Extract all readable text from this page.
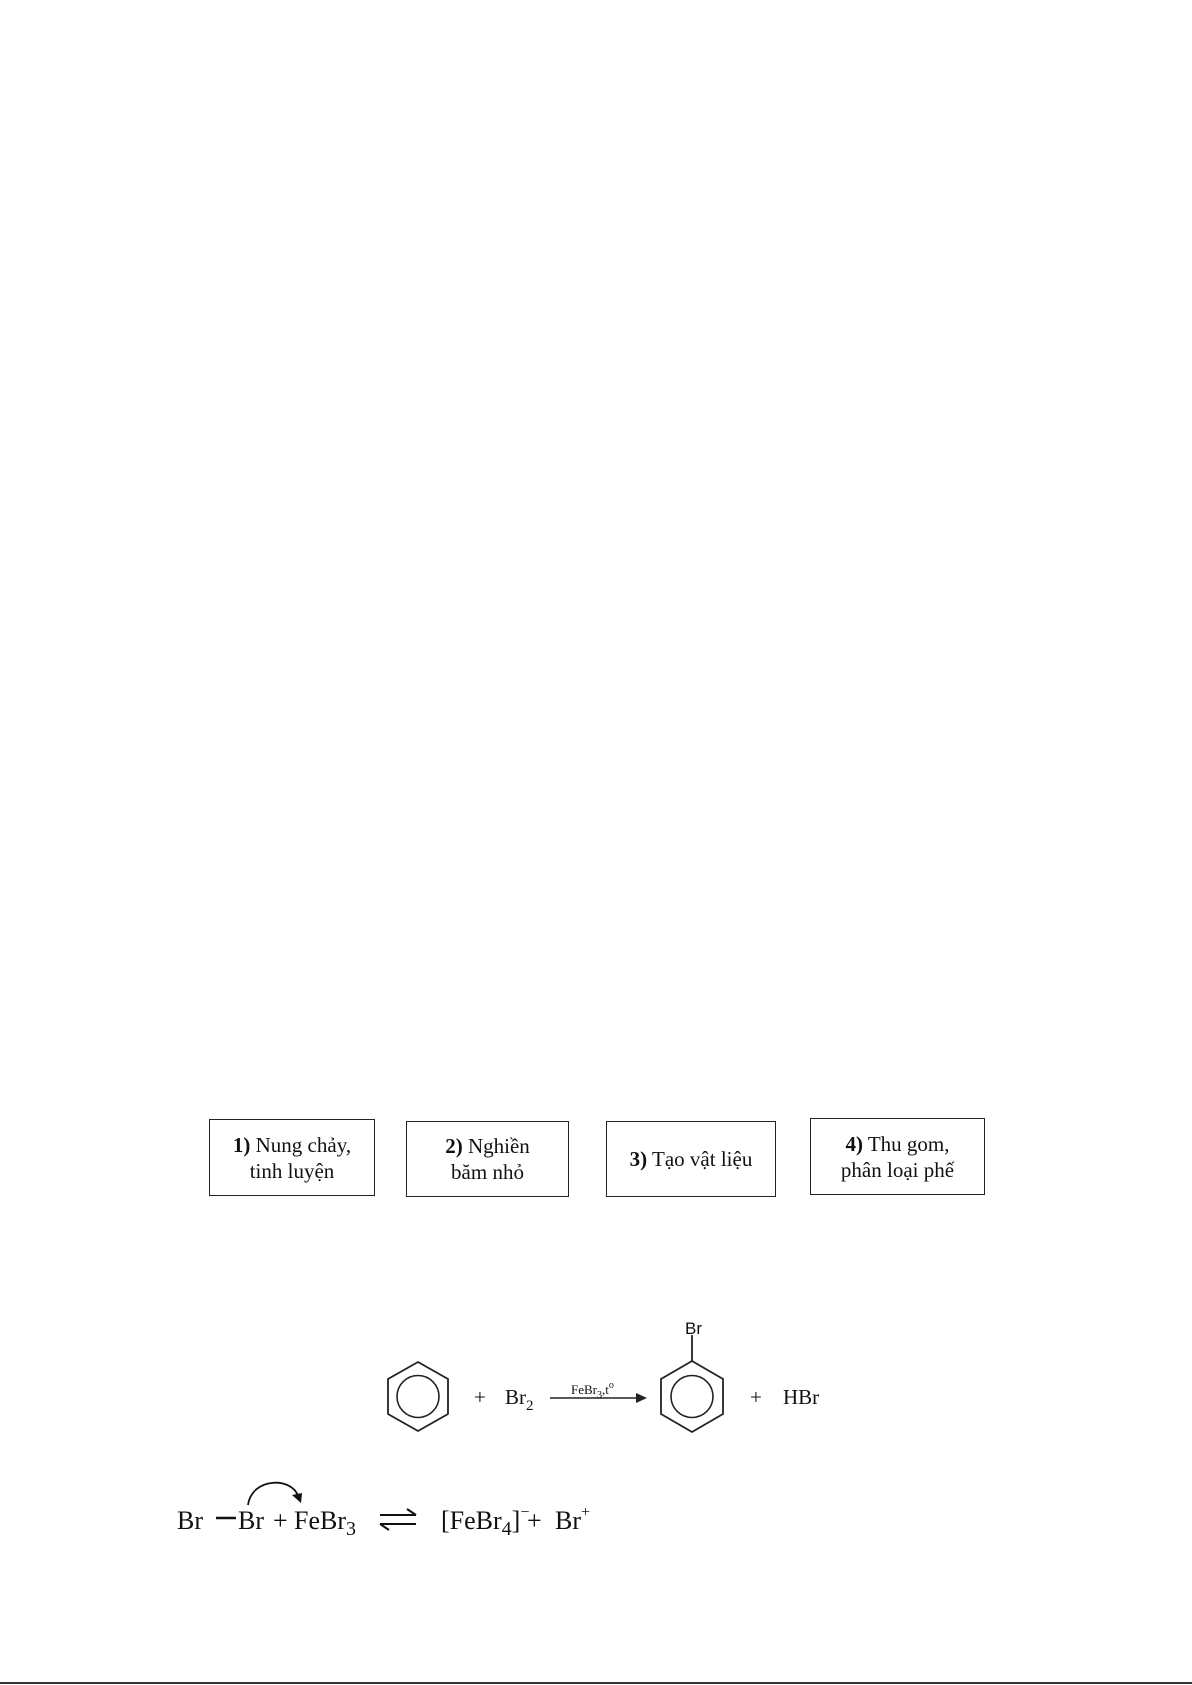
1) Nung chảy,
tinh luyện
2) Nghiền
băm nhỏ
3) Tạo vật liệu
4) Thu gom,
phân loại phế
+ $Br_2$
$FeBr_3,t^o$
Br
+ HBr
Br Br + FeBr$_3$	[FeBr$_4$]−
+ Br+
